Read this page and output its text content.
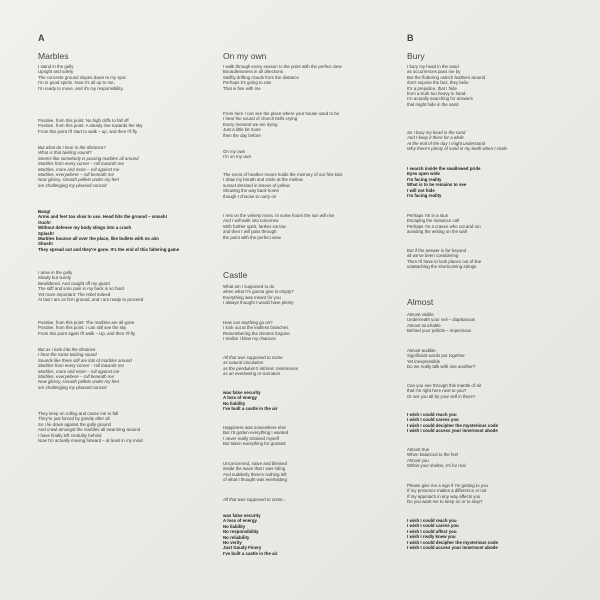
A

Marbles

I stand in the gully
Upright and solely
The concrete ground slopes down to my spot
I'm in good spirits. Now it's all up to me,
I'm ready to move, and it's my responsibility.
Positive, from this point: No high cliffs to fall off
Positive, from this point: A steady rise towards the sky
From this point I'll start to walk – up, and then I'll fly
But what do I hear in the distance?
What is that twirling sound?
Seems like somebody is pouring marbles all around
Marbles from every corner – roll towards me
Marbles, more and more – roll against me
Marbles, everywhere – roll beneath me
Now glossy, smooth pellets under my feet
are challenging my pleased conceit
Bang!
Arms and feet too slow to use. Head hits the ground – smash!
Ouch!
Without defense my body slings into a crash
Splash!
Marbles bounce all over the place, like bullets with no aim
Shush!
They spread out and they're gone. It's the end of this faltering game
I arise in the gully
Slowly but surely
Bewildered. And caught off my guard
The stiff and sore pain in my back is so hard
Yet more important: The rebel indeed
At last I am on firm ground, and I am ready to proceed
Positive, from this point: The marbles are all gone
Positive, from this point: I can still see the sky
From this point again I'll walk – Up, and then I'll fly
But as I look into the distance
I hear the same twirling sound
Sounds like there still are lots of marbles around
Marbles from every corner – roll towards me
Marbles, more and more – roll against me
Marbles, everywhere – roll beneath me
Now glossy, smooth pellets under my feet
are challenging my pleased conceit
They keep on rolling and cause me to fall
They're just forced by gravity after all
So I lie down against the gully ground
And crawl amongst the marbles all swarming around
I have finally left credulity behind
Now I'm actually moving forward – at least in my mind

On my own

I walk through every season to the point with the perfect view
Boundlessness in all directions
Swiftly drifting clouds from the distance
Perhaps it's going to rain
That is fine with me
From here I can see the place where your house used to be
I hear the sound of church bells crying
Every moment we are dying
Just a little bit more
then the day before
On my own
I'm on my own
The scent of heather moors holds the memory of our first kiss
I draw my breath and smile at the mellow
sunset dressed in leaves of yellow
Showing the way back home
though I choose to carry on
I rest on the velvety moss. In some hours the sun will rise
And I will walk into tomorrow
With further spirit, farther sorrow
and then I will pass through
the point with the perfect view

Castle

What am I supposed to do
when what I'm gonna give is empty?
Everything was meant for you
I always thought I would have plenty
How can anything go on?
I look out at the leafless branches
Remembering the dreams forgone
I realize I blew my chances
All that was supposed to come
as natural circulation
as the pendulum's intrinsic metronome
as an everlasting re-narration
was false security
A loss of energy
No liability
I've built a castle in the air
Happiness was somewhere else
But I'd gotten everything I wanted
I never really strained myself
But taken everything for granted
Unconcerned, naive and blessed
inside the wave that I was riding
And suddenly there's nothing left
of what I thought was everlasting
All that was supposed to come...
was false security
A loss of energy
No liability
No responsibility
No reliability
No verity
Just Gaudy Finery
I've built a castle in the air

B

Bury

I bury my head in the sand
as occurrences pass me by
But the fluttering ostrich feathers around
don't expose the fact, they belie
It's a prejudice, that I hide
from a truth too heavy in hand.
I'm actually searching for answers
that might hide in the sand
So I bury my head in the sand
And I keep it there for a while
At the end of the day I might understand
Why there's plenty of sand in my teeth when I smile
I search inside the swallowed pride
Eyes open wide
I'm facing reality
What is to be remains to see
I will not hide
I'm facing reality
Perhaps I'm in a stun
Escaping the nuisance call
Perhaps I'm a craven who cut and run
avoiding the writing on the wall
But if the answer is far beyond
all we've been considering
Then I'll have to look places out of line
unattaching the shortcoming strings

Almost

Almost visible
Underneath your veil – diaphanous
Almost touchable
Behind your pellicle – impervious
Almost audible
Significant words put together
Yet inexpressible
Do we really talk with one another?
Can you see through this mantle of air
that I'm right here next to you?
Or are you all by your self in there?
I wish I could reach you
I wish I could caress you
I wish I could decipher the mysterious code
I wish I could access your innermost abode
Almost true
When balanced to the feel
Almost you
Within your shelter, it's for real
Please give me a sign if I'm getting to you
If my presence makes a difference or not
If my approach in any way affects you
Do you want me to keep on or to stop?
I wish I could reach you
I wish I could caress you
I wish I could affect you
I wish I really knew you
I wish I could decipher the mysterious code
I wish I could access your innermost abode
